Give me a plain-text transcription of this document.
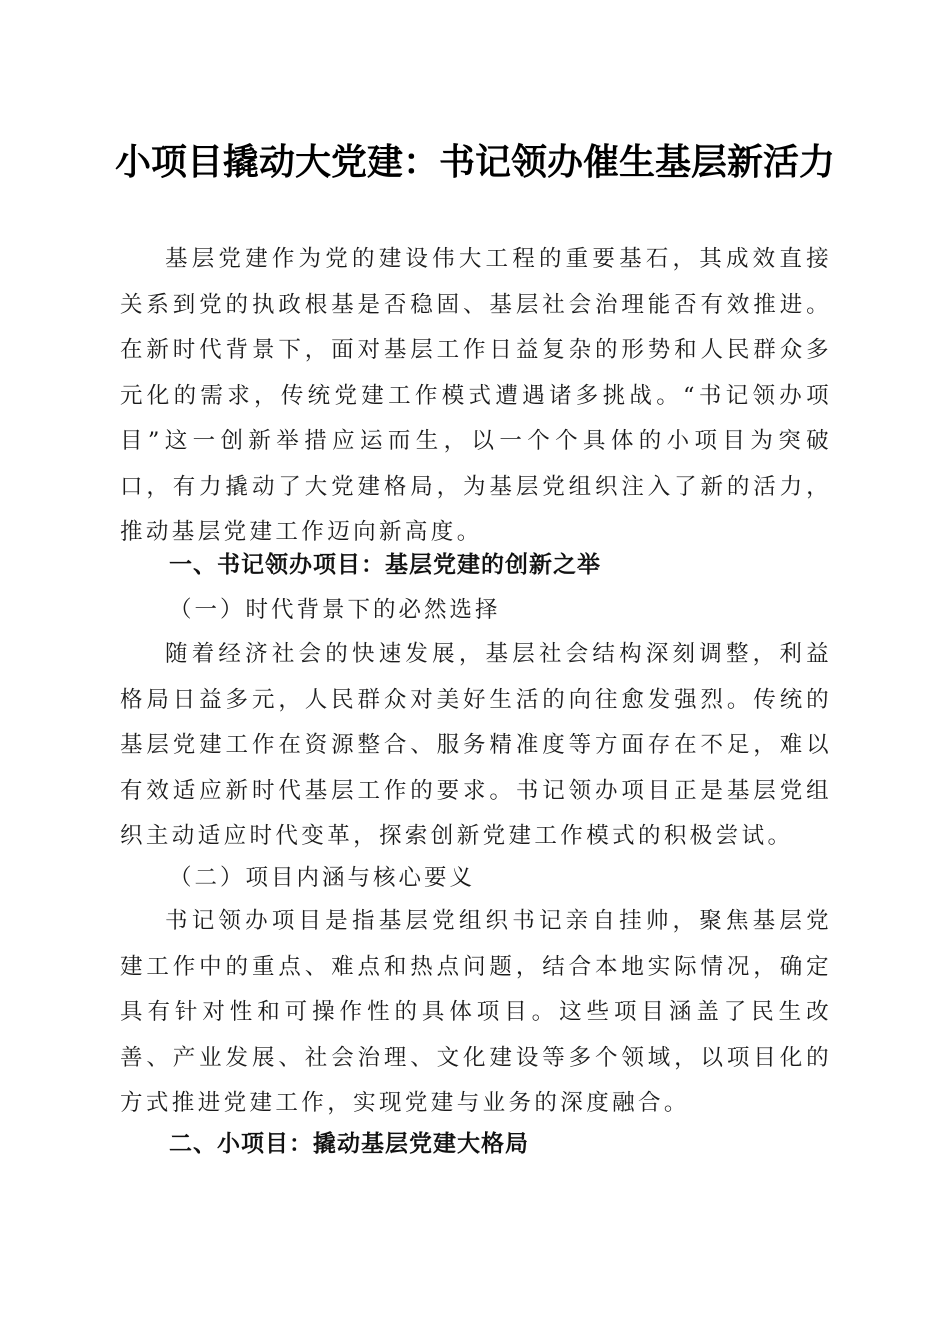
小项目撬动大党建：书记领办催生基层新活力

基层党建作为党的建设伟大工程的重要基石，其成效直接关系到党的执政根基是否稳固、基层社会治理能否有效推进。在新时代背景下，面对基层工作日益复杂的形势和人民群众多元化的需求，传统党建工作模式遭遇诸多挑战。“书记领办项目”这一创新举措应运而生，以一个个具体的小项目为突破口，有力撬动了大党建格局，为基层党组织注入了新的活力，推动基层党建工作迈向新高度。

一、书记领办项目：基层党建的创新之举
（一）时代背景下的必然选择

随着经济社会的快速发展，基层社会结构深刻调整，利益格局日益多元，人民群众对美好生活的向往愈发强烈。传统的基层党建工作在资源整合、服务精准度等方面存在不足，难以有效适应新时代基层工作的要求。书记领办项目正是基层党组织主动适应时代变革，探索创新党建工作模式的积极尝试。

（二）项目内涵与核心要义

书记领办项目是指基层党组织书记亲自挂帅，聚焦基层党建工作中的重点、难点和热点问题，结合本地实际情况，确定具有针对性和可操作性的具体项目。这些项目涵盖了民生改善、产业发展、社会治理、文化建设等多个领域，以项目化的方式推进党建工作，实现党建与业务的深度融合。

二、小项目：撬动基层党建大格局
